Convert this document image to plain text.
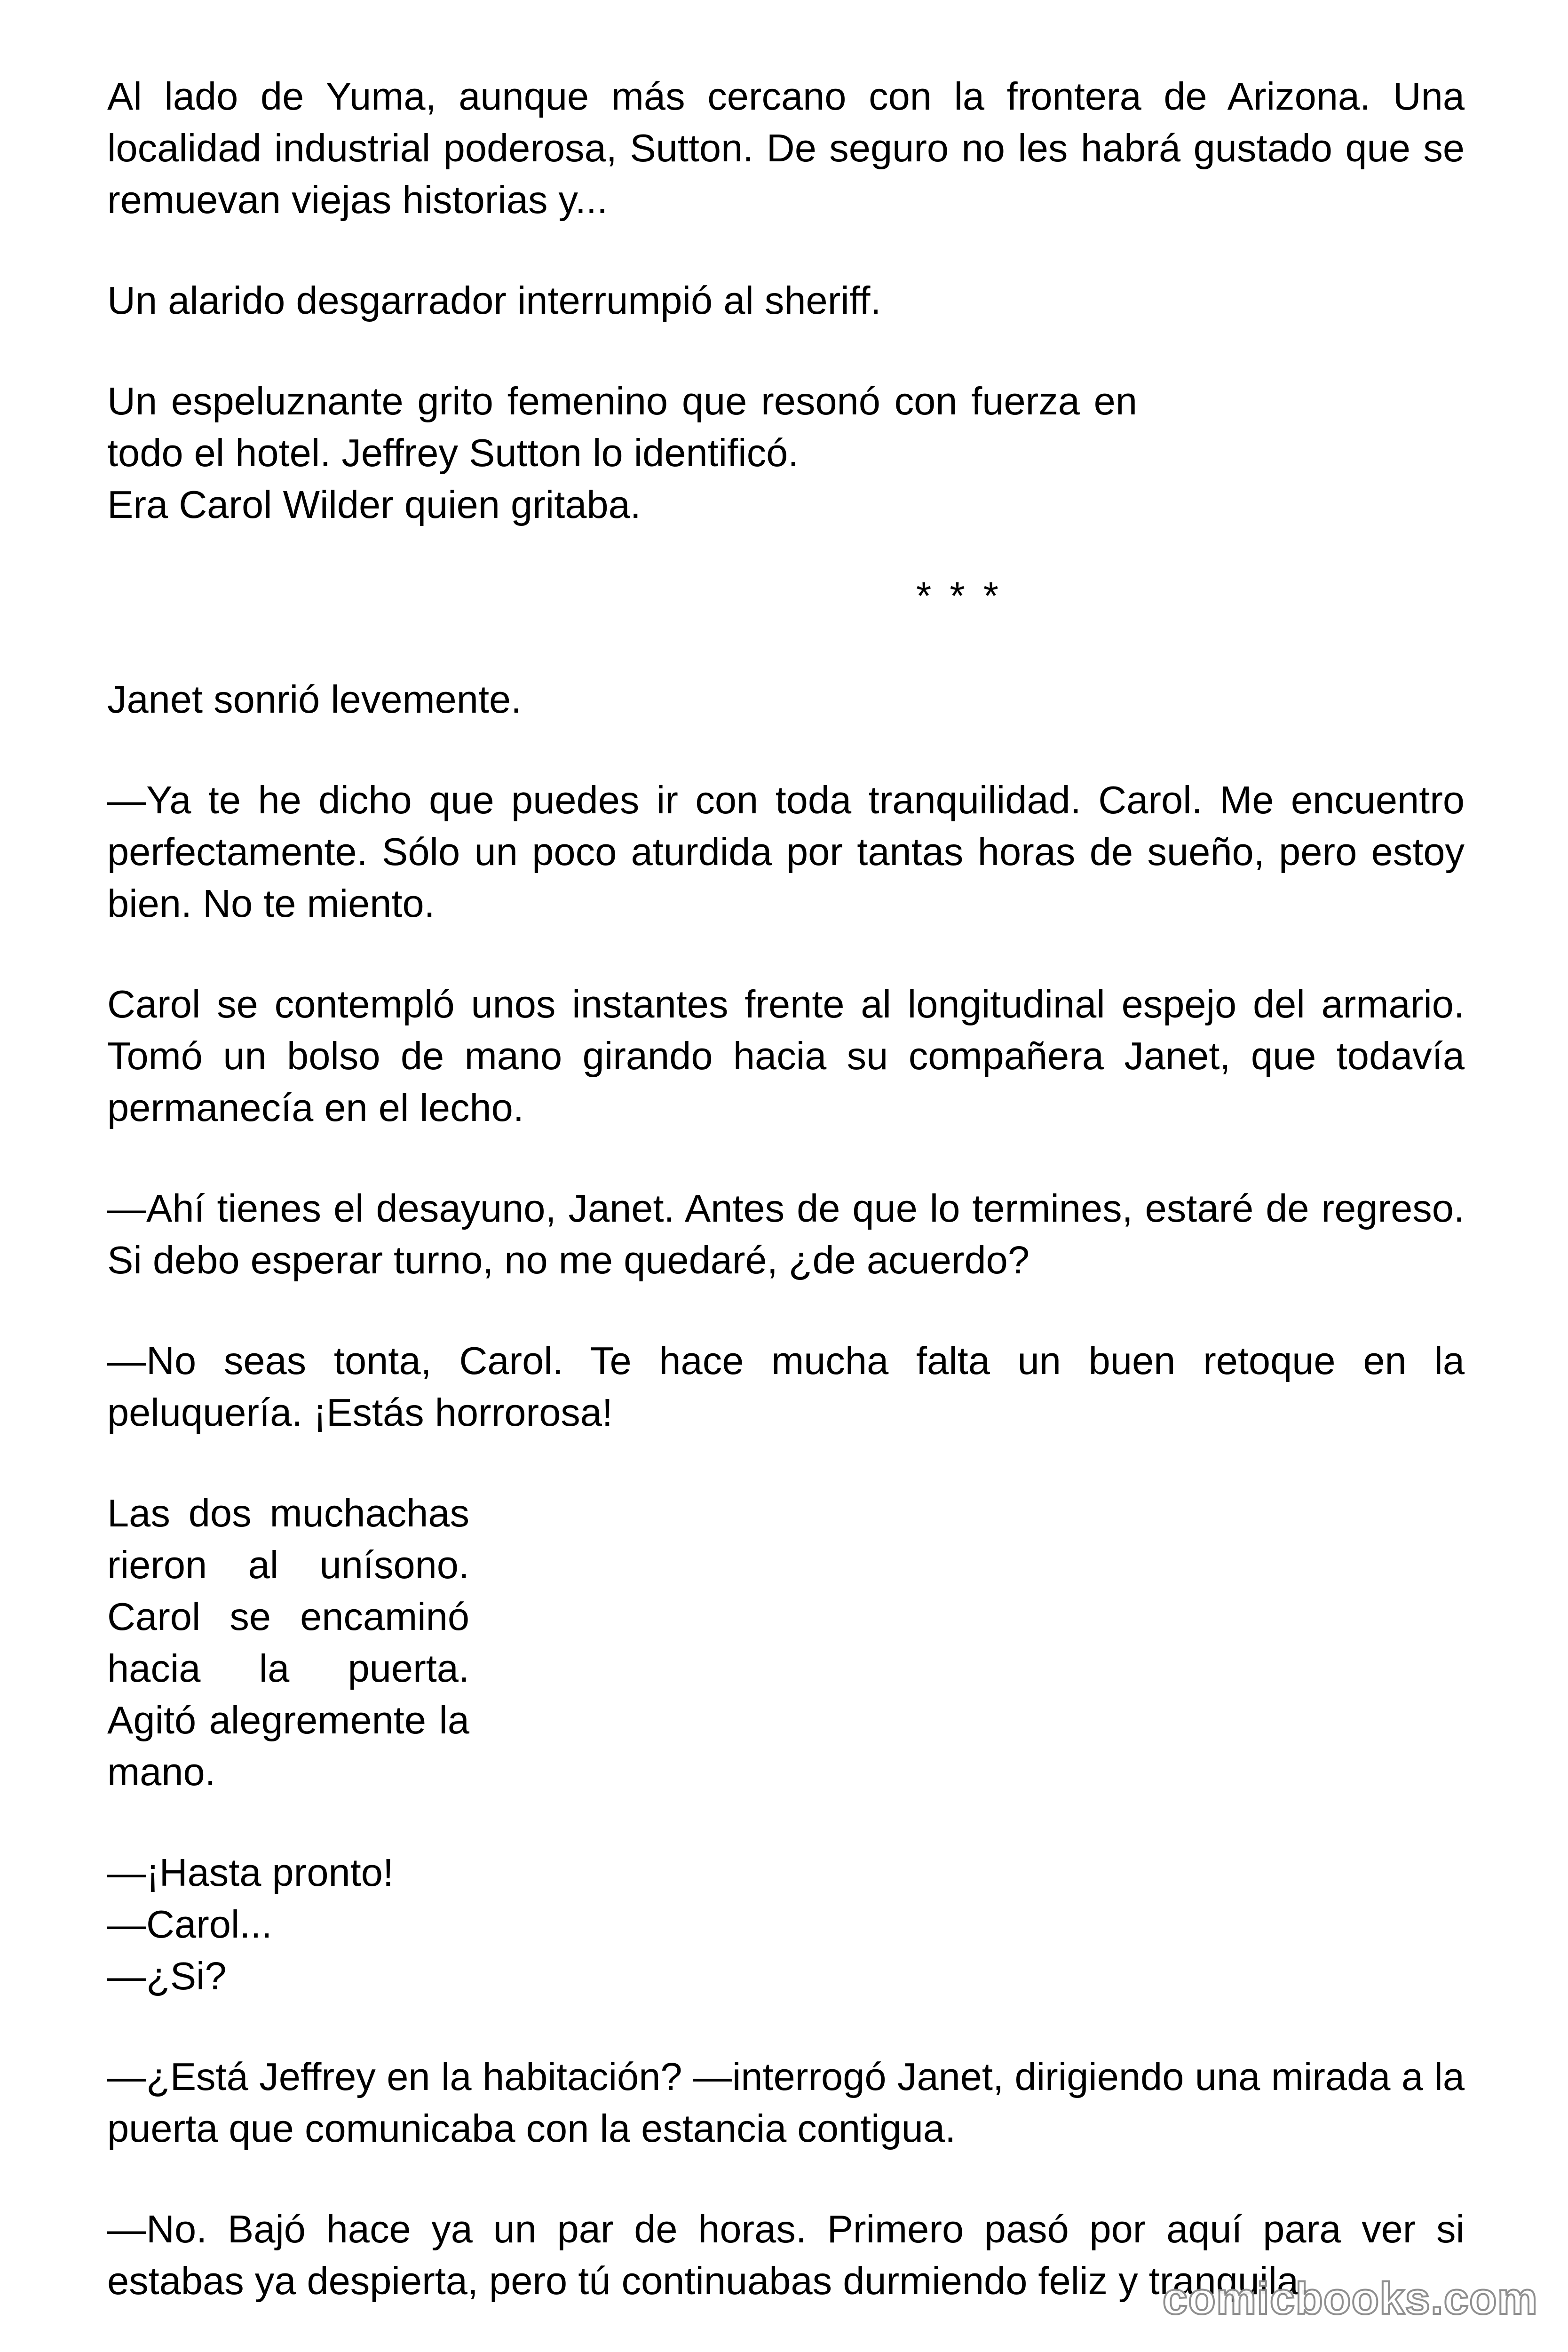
Al lado de Yuma, aunque más cercano con la frontera de Arizona. Una localidad industrial poderosa, Sutton. De seguro no les habrá gustado que se remuevan viejas historias y...

Un alarido desgarrador interrumpió al sheriff.

Un espeluznante grito femenino que resonó con fuerza en todo el hotel. Jeffrey Sutton lo identificó.
Era Carol Wilder quien gritaba.
* * *

Janet sonrió levemente.

—Ya te he dicho que puedes ir con toda tranquilidad. Carol. Me encuentro perfectamente. Sólo un poco aturdida por tantas horas de sueño, pero estoy bien. No te miento.

Carol se contempló unos instantes frente al longitudinal espejo del armario. Tomó un bolso de mano girando hacia su compañera Janet, que todavía permanecía en el lecho.

—Ahí tienes el desayuno, Janet. Antes de que lo termines, estaré de regreso. Si debo esperar turno, no me quedaré, ¿de acuerdo?

—No seas tonta, Carol. Te hace mucha falta un buen retoque en la peluquería. ¡Estás horrorosa!

Las dos muchachas rieron al unísono. Carol se encaminó hacia la puerta. Agitó alegremente la mano.

—¡Hasta pronto!
—Carol...
—¿Si?

—¿Está Jeffrey en la habitación? —interrogó Janet, dirigiendo una mirada a la puerta que comunicaba con la estancia contigua.

—No. Bajó hace ya un par de horas. Primero pasó por aquí para ver si estabas ya despierta, pero tú continuabas durmiendo feliz y tranquila.

comicbooks.com
